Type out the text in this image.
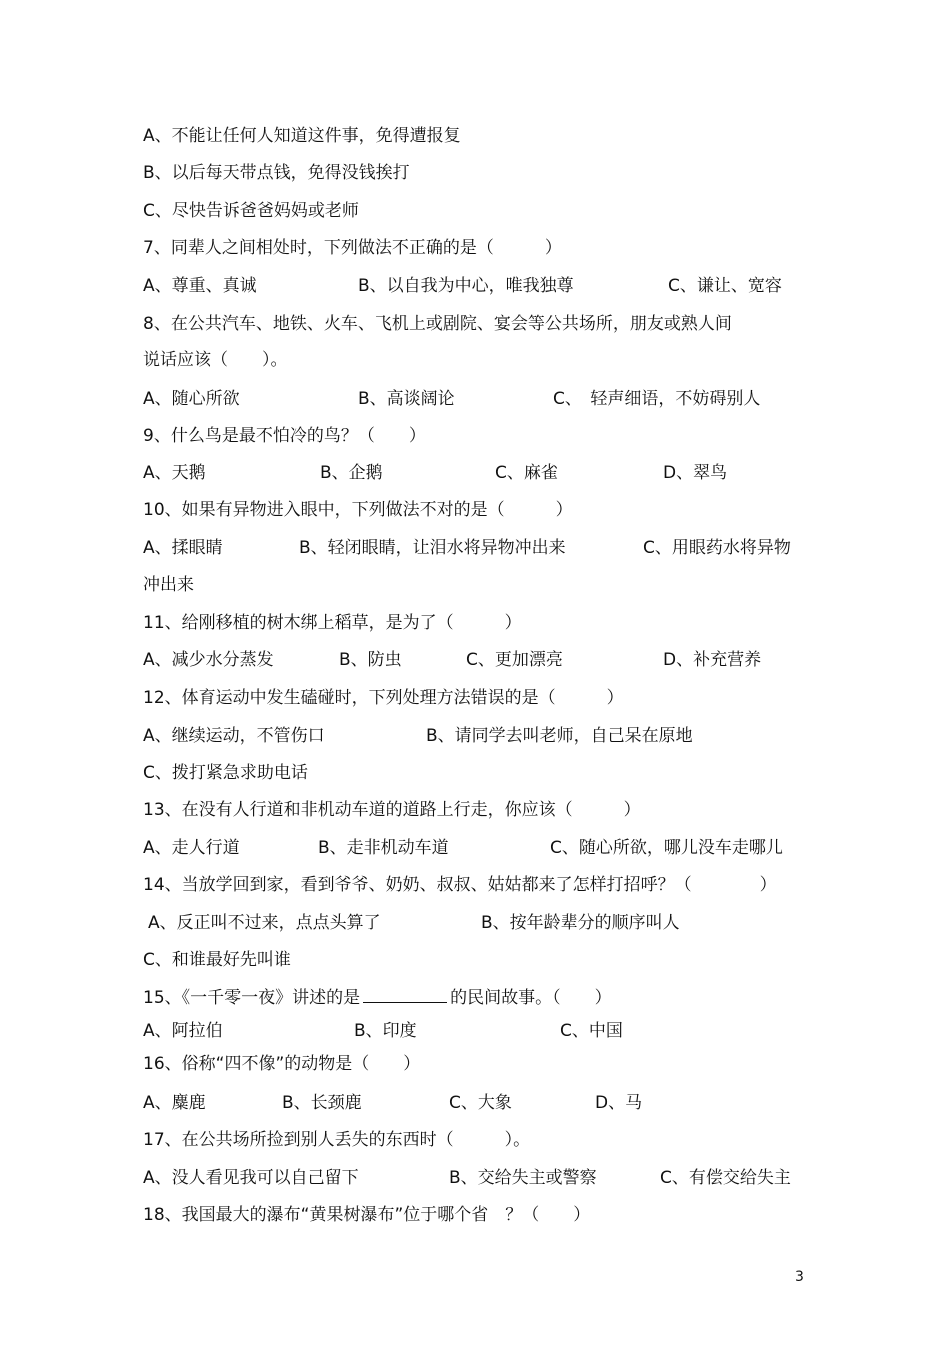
A、不能让任何人知道这件事，免得遭报复
B、以后每天带点钱，免得没钱挨打
C、尽快告诉爸爸妈妈或老师
7、同辈人之间相处时，下列做法不正确的是（　　　）
A、尊重、真诚	B、以自我为中心，唯我独尊	C、谦让、宽容
8、在公共汽车、地铁、火车、飞机上或剧院、宴会等公共场所，朋友或熟人间
说话应该（　　）。
A、随心所欲	B、高谈阔论	C、　轻声细语，不妨碍别人
9、什么鸟是最不怕冷的鸟？（　　）
A、天鹅	B、企鹅	C、麻雀	D、翠鸟
10、如果有异物进入眼中，下列做法不对的是（　　　）
A、揉眼睛	B、轻闭眼睛，让泪水将异物冲出来	C、用眼药水将异物
冲出来
11、给刚移植的树木绑上稻草，是为了（　　　）
A、减少水分蒸发	B、防虫	C、更加漂亮	D、补充营养
12、体育运动中发生磕碰时，下列处理方法错误的是（　　　）
A、继续运动，不管伤口	B、请同学去叫老师，自己呆在原地
C、拨打紧急求助电话
13、在没有人行道和非机动车道的道路上行走，你应该（　　　）
A、走人行道	B、走非机动车道	C、随心所欲，哪儿没车走哪儿
14、当放学回到家，看到爷爷、奶奶、叔叔、姑姑都来了怎样打招呼？（　　　　）
A、反正叫不过来，点点头算了	B、按年龄辈分的顺序叫人
C、和谁最好先叫谁
15、《一千零一夜》讲述的是	的民间故事。（　　）
A、阿拉伯	B、印度	C、中国
16、俗称“四不像”的动物是（　　）
A、麋鹿	B、长颈鹿	C、大象	D、马
17、在公共场所捡到别人丢失的东西时（　　　）。
A、没人看见我可以自己留下	B、交给失主或警察	C、有偿交给失主
18、我国最大的瀑布“黄果树瀑布”位于哪个省　？（　　）
3
